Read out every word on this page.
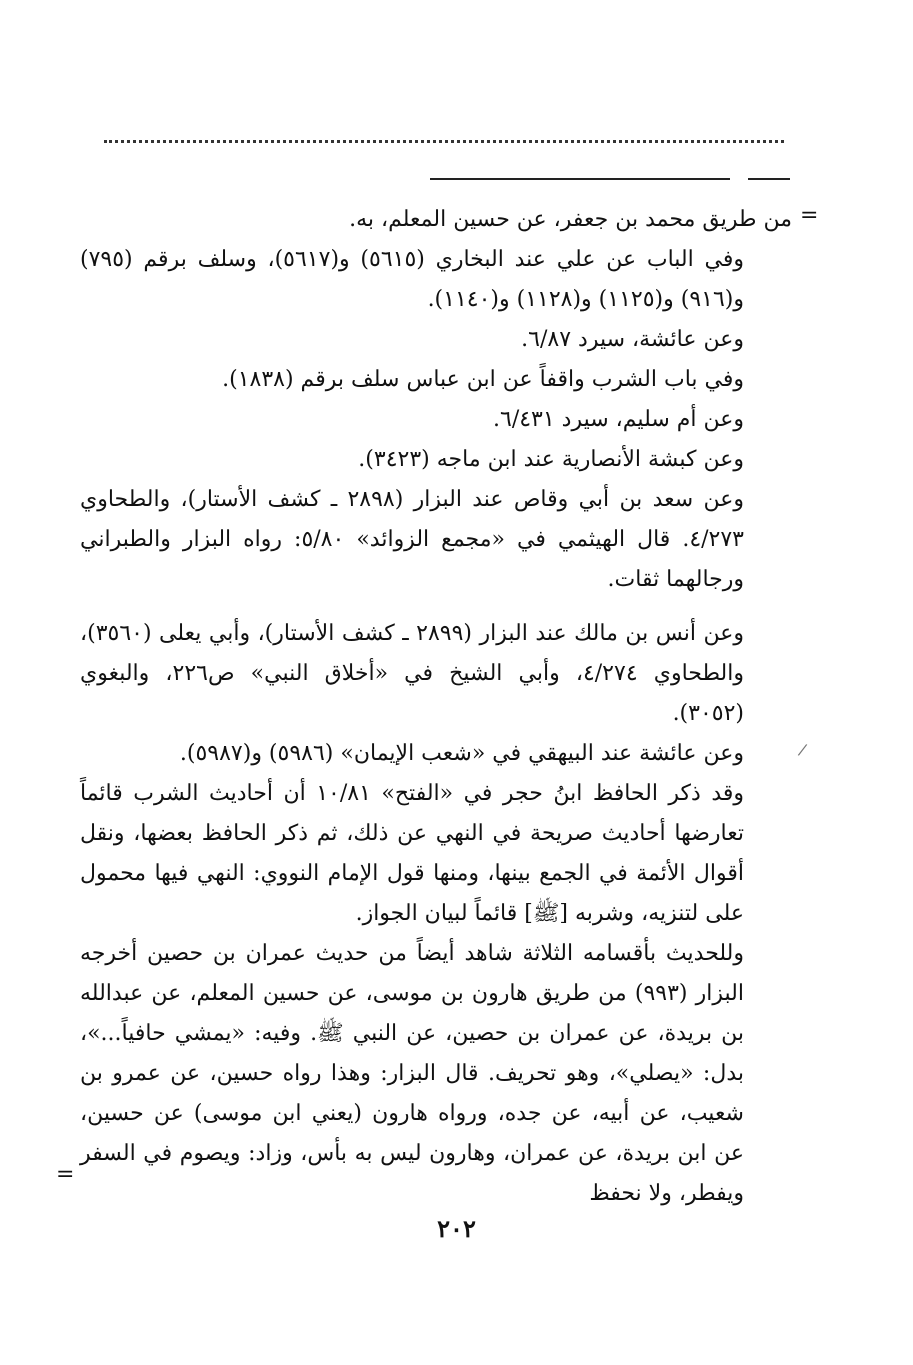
=
/

من طريق محمد بن جعفر، عن حسين المعلم، به.

وفي الباب عن علي عند البخاري (٥٦١٥) و(٥٦١٧)، وسلف برقم (٧٩٥) و(٩١٦) و(١١٢٥) و(١١٢٨) و(١١٤٠).

وعن عائشة، سيرد ٦/٨٧.

وفي باب الشرب واقفاً عن ابن عباس سلف برقم (١٨٣٨).

وعن أم سليم، سيرد ٦/٤٣١.

وعن كبشة الأنصارية عند ابن ماجه (٣٤٢٣).

وعن سعد بن أبي وقاص عند البزار (٢٨٩٨ ـ كشف الأستار)، والطحاوي ٤/٢٧٣. قال الهيثمي في «مجمع الزوائد» ٥/٨٠: رواه البزار والطبراني ورجالهما ثقات.

وعن أنس بن مالك عند البزار (٢٨٩٩ ـ كشف الأستار)، وأبي يعلى (٣٥٦٠)، والطحاوي ٤/٢٧٤، وأبي الشيخ في «أخلاق النبي» ص٢٢٦، والبغوي (٣٠٥٢).

وعن عائشة عند البيهقي في «شعب الإيمان» (٥٩٨٦) و(٥٩٨٧).

وقد ذكر الحافظ ابنُ حجر في «الفتح» ١٠/٨١ أن أحاديث الشرب قائماً تعارضها أحاديث صريحة في النهي عن ذلك، ثم ذكر الحافظ بعضها، ونقل أقوال الأئمة في الجمع بينها، ومنها قول الإمام النووي: النهي فيها محمول على لتنزيه، وشربه [ﷺ] قائماً لبيان الجواز.

وللحديث بأقسامه الثلاثة شاهد أيضاً من حديث عمران بن حصين أخرجه البزار (٩٩٣) من طريق هارون بن موسى، عن حسين المعلم، عن عبدالله بن بريدة، عن عمران بن حصين، عن النبي ﷺ. وفيه: «يمشي حافياً...»، بدل: «يصلي»، وهو تحريف. قال البزار: وهذا رواه حسين، عن عمرو بن شعيب، عن أبيه، عن جده، ورواه هارون (يعني ابن موسى) عن حسين، عن ابن بريدة، عن عمران، وهارون ليس به بأس، وزاد: ويصوم في السفر ويفطر، ولا نحفظ

=
٢٠٢
